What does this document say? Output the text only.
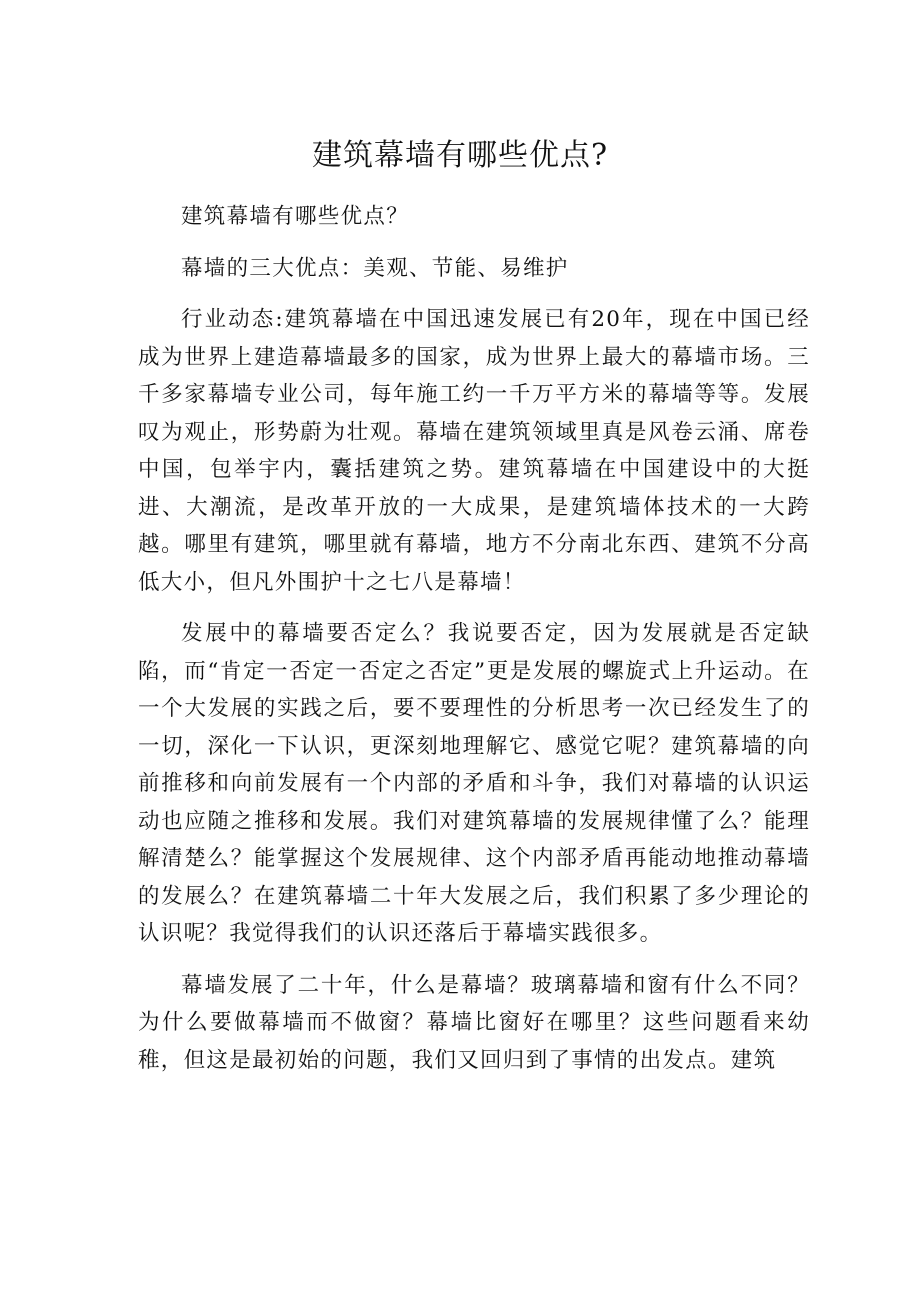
建筑幕墙有哪些优点?

建筑幕墙有哪些优点？

幕墙的三大优点：美观、节能、易维护

行业动态:建筑幕墙在中国迅速发展已有20年，现在中国已经成为世界上建造幕墙最多的国家，成为世界上最大的幕墙市场。三千多家幕墙专业公司，每年施工约一千万平方米的幕墙等等。发展叹为观止，形势蔚为壮观。幕墙在建筑领域里真是风卷云涌、席卷中国，包举宇内，囊括建筑之势。建筑幕墙在中国建设中的大挺进、大潮流，是改革开放的一大成果，是建筑墙体技术的一大跨越。哪里有建筑，哪里就有幕墙，地方不分南北东西、建筑不分高低大小，但凡外围护十之七八是幕墙！

发展中的幕墙要否定么？我说要否定，因为发展就是否定缺陷，而“肯定一否定一否定之否定”更是发展的螺旋式上升运动。在一个大发展的实践之后，要不要理性的分析思考一次已经发生了的一切，深化一下认识，更深刻地理解它、感觉它呢？建筑幕墙的向前推移和向前发展有一个内部的矛盾和斗争，我们对幕墙的认识运动也应随之推移和发展。我们对建筑幕墙的发展规律懂了么？能理解清楚么？能掌握这个发展规律、这个内部矛盾再能动地推动幕墙的发展么？在建筑幕墙二十年大发展之后，我们积累了多少理论的认识呢？我觉得我们的认识还落后于幕墙实践很多。

幕墙发展了二十年，什么是幕墙？玻璃幕墙和窗有什么不同？为什么要做幕墙而不做窗？幕墙比窗好在哪里？这些问题看来幼稚，但这是最初始的问题，我们又回归到了事情的出发点。建筑
